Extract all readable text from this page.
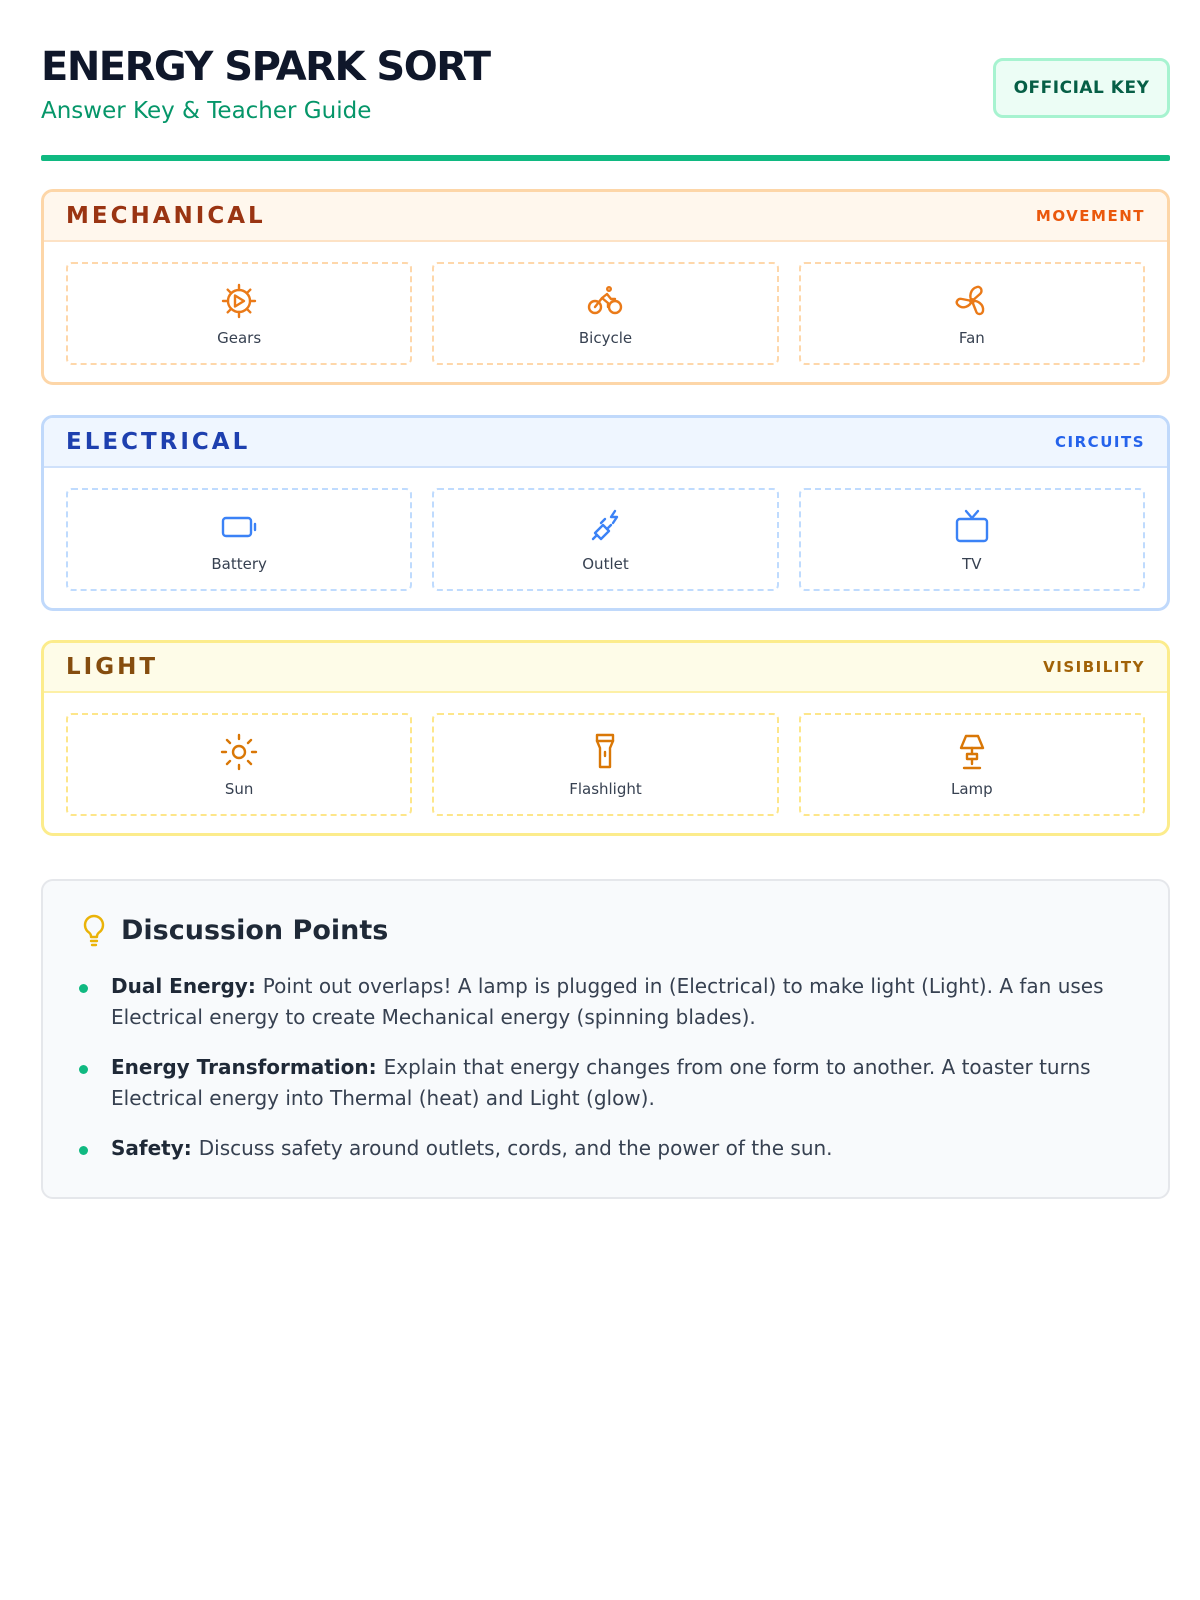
ENERGY SPARK SORT
Answer Key & Teacher Guide
OFFICIAL KEY
MECHANICAL	MOVEMENT
Gears	Bicycle	Fan
ELECTRICAL	CIRCUITS
Battery	Outlet	TV
LIGHT	VISIBILITY
Sun	Flashlight	Lamp
Discussion Points
Dual Energy: Point out overlaps! A lamp is plugged in (Electrical) to make light (Light). A fan uses Electrical energy to create Mechanical energy (spinning blades).
Energy Transformation: Explain that energy changes from one form to another. A toaster turns Electrical energy into Thermal (heat) and Light (glow).
Safety: Discuss safety around outlets, cords, and the power of the sun.
